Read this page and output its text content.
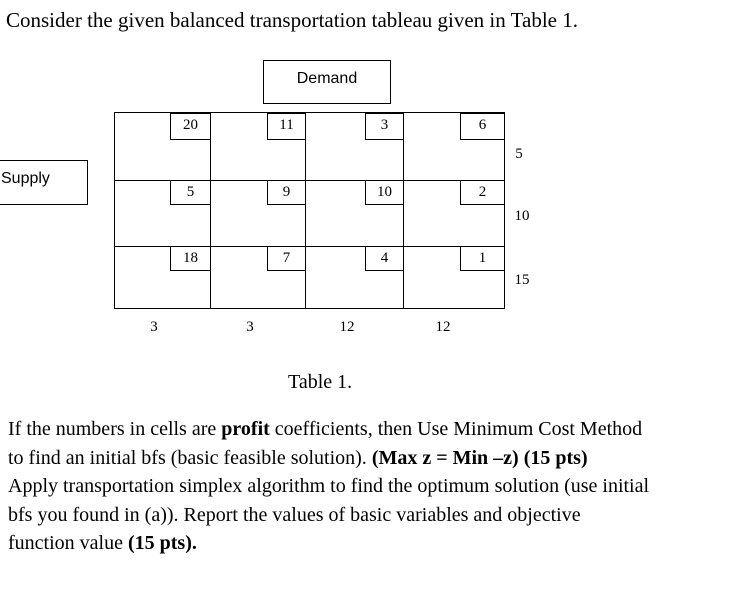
Consider the given balanced transportation tableau given in Table 1.
Demand
Supply
20	11	3	6
5	9	10	2
18	7	4	1
5
10
15
3	3	12	12
Table 1.

If the numbers in cells are profit coefficients, then Use Minimum Cost Method

to find an initial bfs (basic feasible solution). (Max z = Min –z) (15 pts)

Apply transportation simplex algorithm to find the optimum solution (use initial

bfs you found in (a)). Report the values of basic variables and objective

function value (15 pts).
